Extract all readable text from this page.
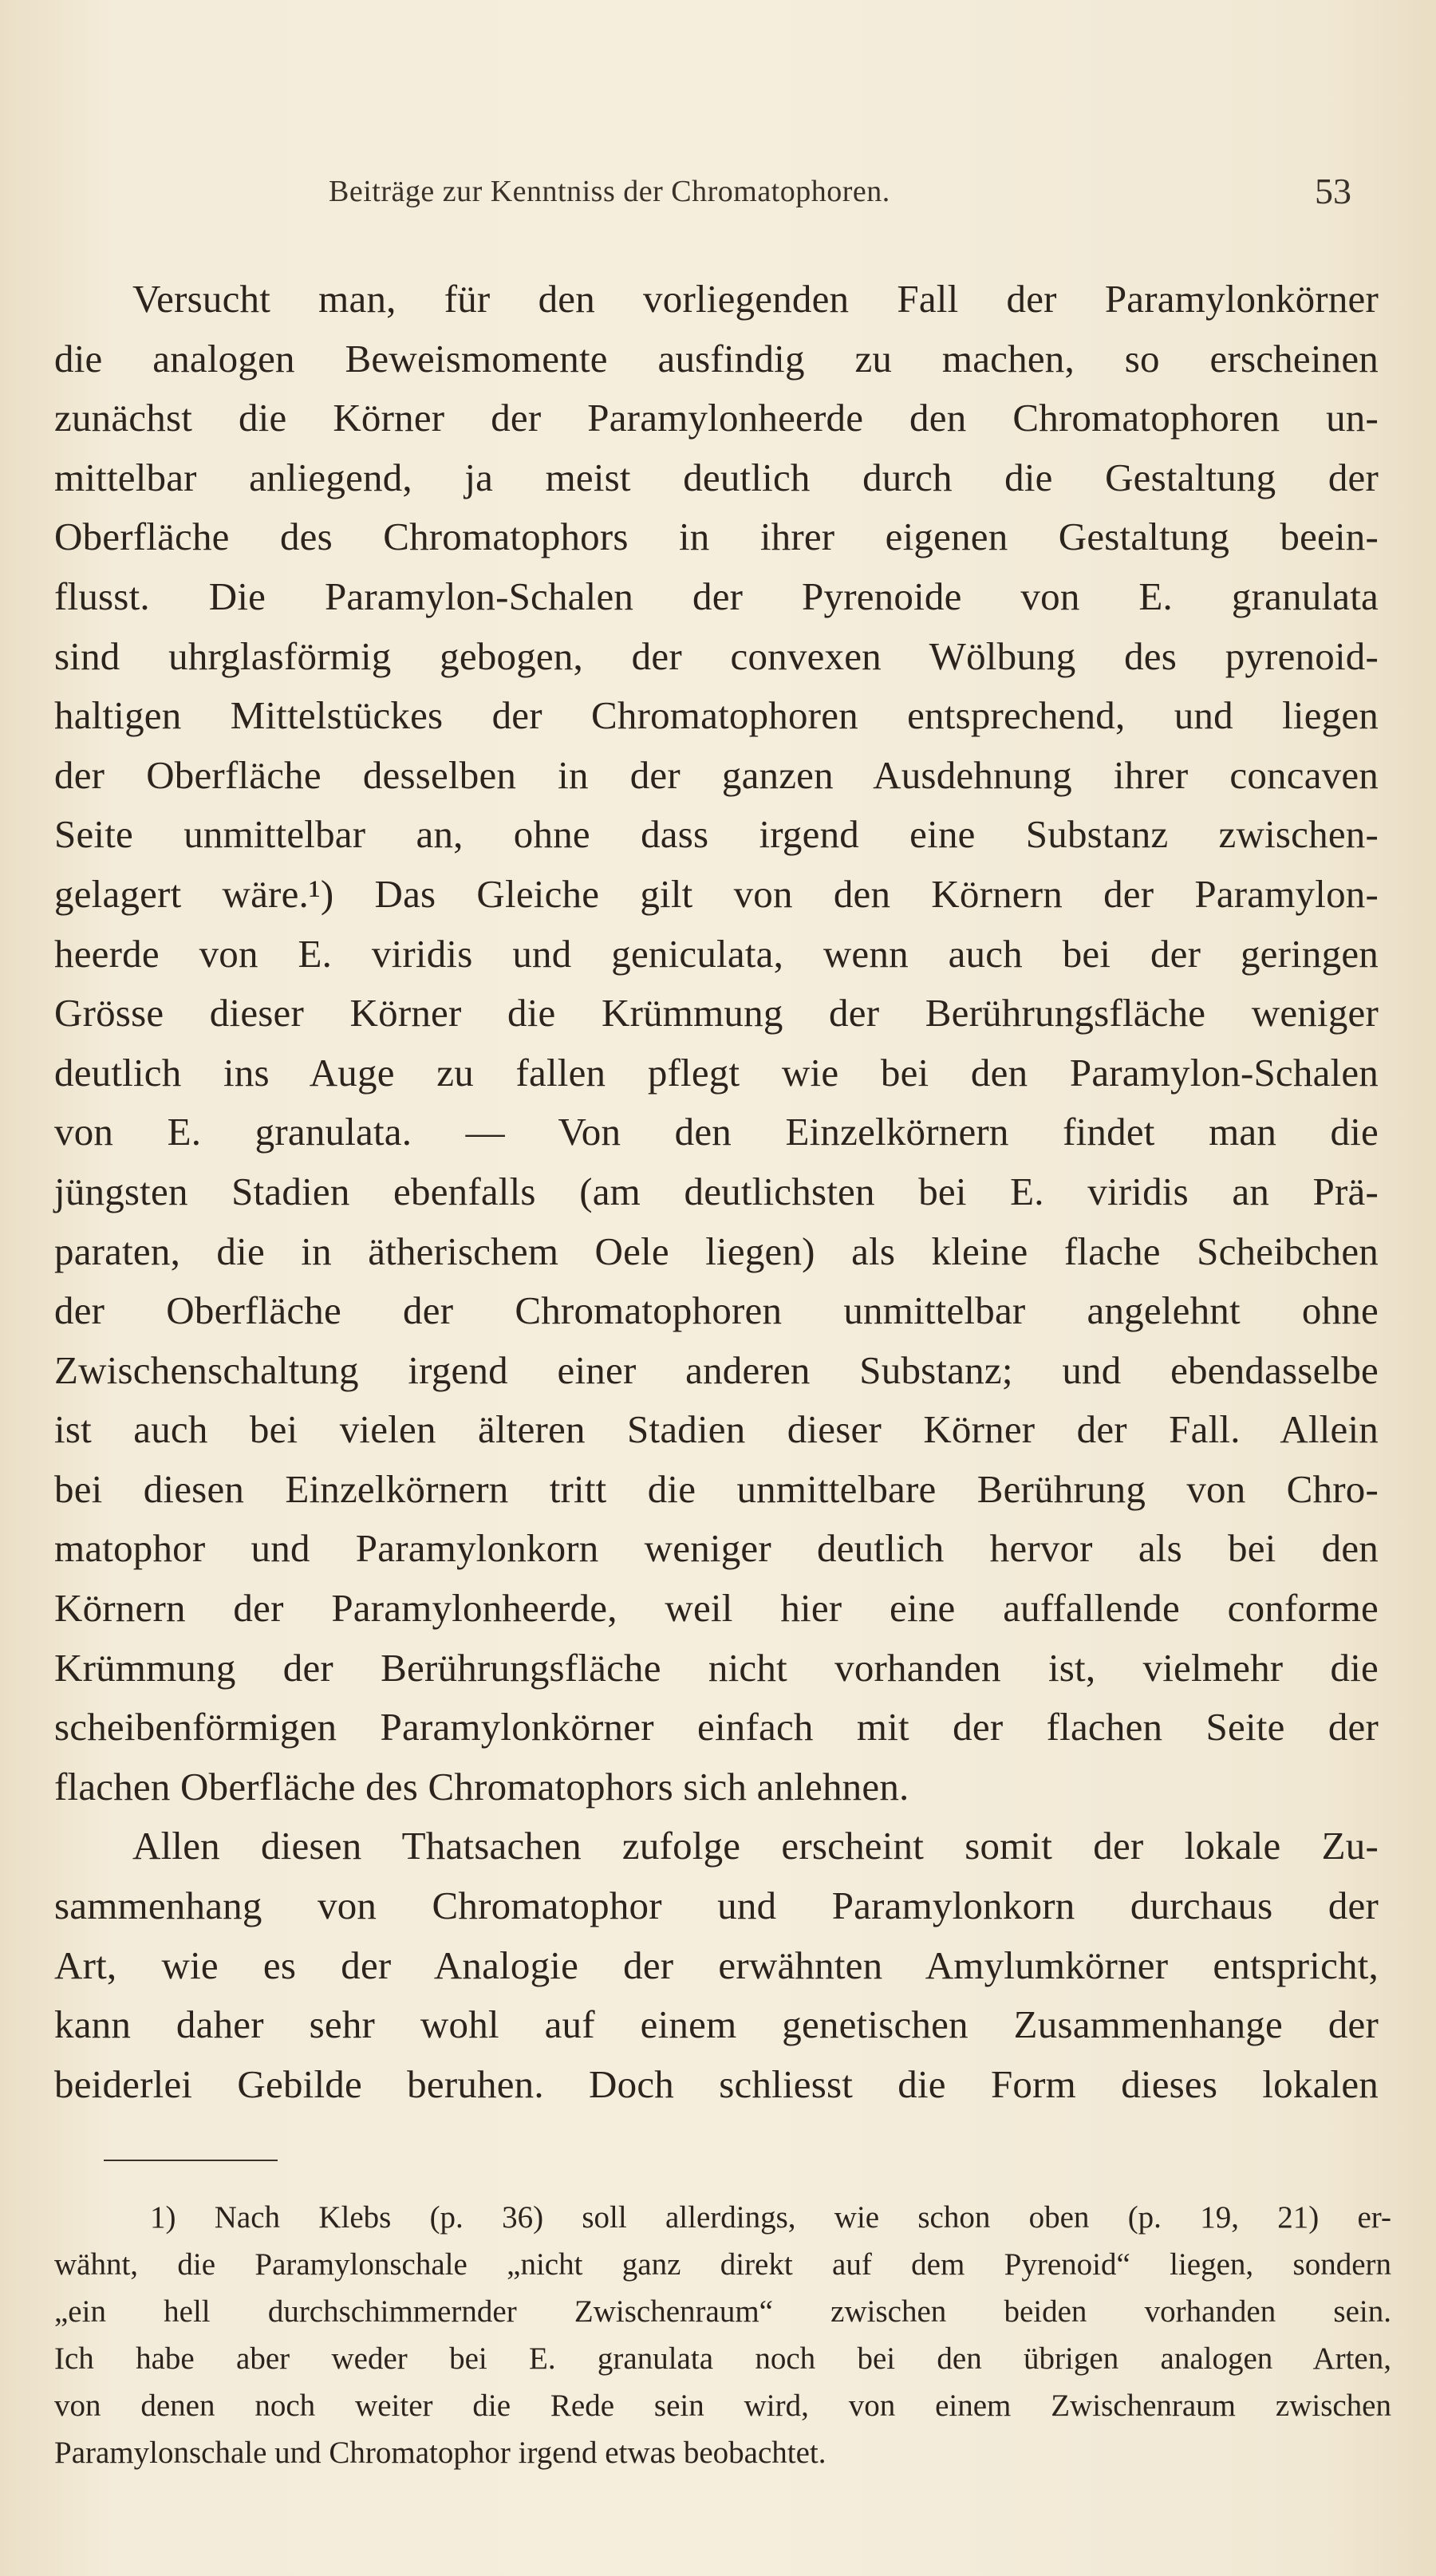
Beiträge zur Kenntniss der Chromatophoren.	53
Versucht man, für den vorliegenden Fall der Paramylonkörner
die analogen Beweismomente ausfindig zu machen, so erscheinen
zunächst die Körner der Paramylonheerde den Chromatophoren un-
mittelbar anliegend, ja meist deutlich durch die Gestaltung der
Oberfläche des Chromatophors in ihrer eigenen Gestaltung beein-
flusst. Die Paramylon-Schalen der Pyrenoide von E. granulata
sind uhrglasförmig gebogen, der convexen Wölbung des pyrenoid-
haltigen Mittelstückes der Chromatophoren entsprechend, und liegen
der Oberfläche desselben in der ganzen Ausdehnung ihrer concaven
Seite unmittelbar an, ohne dass irgend eine Substanz zwischen-
gelagert wäre.¹) Das Gleiche gilt von den Körnern der Paramylon-
heerde von E. viridis und geniculata, wenn auch bei der geringen
Grösse dieser Körner die Krümmung der Berührungsfläche weniger
deutlich ins Auge zu fallen pflegt wie bei den Paramylon-Schalen
von E. granulata. — Von den Einzelkörnern findet man die
jüngsten Stadien ebenfalls (am deutlichsten bei E. viridis an Prä-
paraten, die in ätherischem Oele liegen) als kleine flache Scheibchen
der Oberfläche der Chromatophoren unmittelbar angelehnt ohne
Zwischenschaltung irgend einer anderen Substanz; und ebendasselbe
ist auch bei vielen älteren Stadien dieser Körner der Fall. Allein
bei diesen Einzelkörnern tritt die unmittelbare Berührung von Chro-
matophor und Paramylonkorn weniger deutlich hervor als bei den
Körnern der Paramylonheerde, weil hier eine auffallende conforme
Krümmung der Berührungsfläche nicht vorhanden ist, vielmehr die
scheibenförmigen Paramylonkörner einfach mit der flachen Seite der
flachen Oberfläche des Chromatophors sich anlehnen.
Allen diesen Thatsachen zufolge erscheint somit der lokale Zu-
sammenhang von Chromatophor und Paramylonkorn durchaus der
Art, wie es der Analogie der erwähnten Amylumkörner entspricht,
kann daher sehr wohl auf einem genetischen Zusammenhange der
beiderlei Gebilde beruhen. Doch schliesst die Form dieses lokalen
1) Nach Klebs (p. 36) soll allerdings, wie schon oben (p. 19, 21) er-
wähnt, die Paramylonschale „nicht ganz direkt auf dem Pyrenoid“ liegen, sondern
„ein hell durchschimmernder Zwischenraum“ zwischen beiden vorhanden sein.
Ich habe aber weder bei E. granulata noch bei den übrigen analogen Arten,
von denen noch weiter die Rede sein wird, von einem Zwischenraum zwischen
Paramylonschale und Chromatophor irgend etwas beobachtet.
